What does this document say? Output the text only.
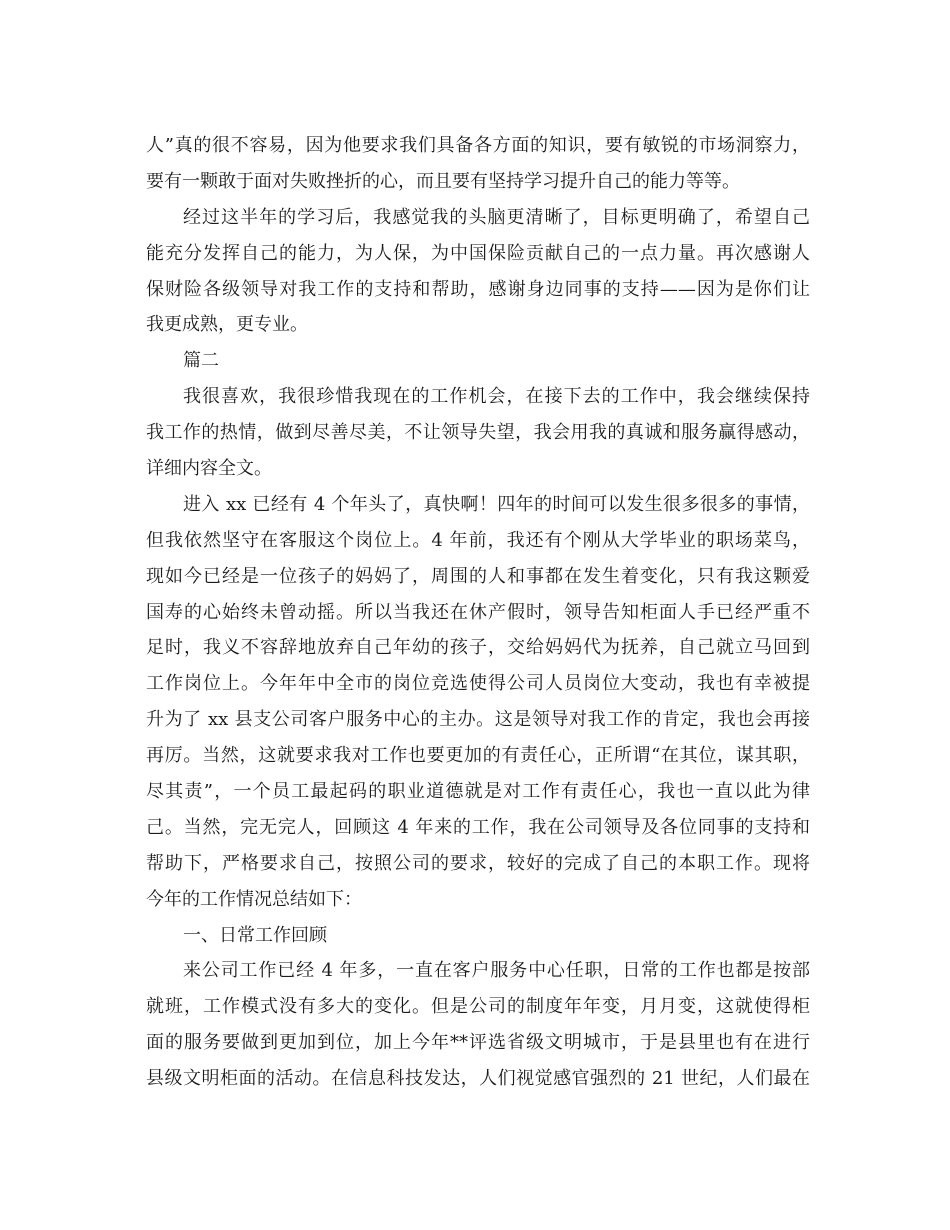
人”真的很不容易，因为他要求我们具备各方面的知识，要有敏锐的市场洞察力，
要有一颗敢于面对失败挫折的心，而且要有坚持学习提升自己的能力等等。
经过这半年的学习后，我感觉我的头脑更清晰了，目标更明确了，希望自己
能充分发挥自己的能力，为人保，为中国保险贡献自己的一点力量。再次感谢人
保财险各级领导对我工作的支持和帮助，感谢身边同事的支持——因为是你们让
我更成熟，更专业。
篇二
我很喜欢，我很珍惜我现在的工作机会，在接下去的工作中，我会继续保持
我工作的热情，做到尽善尽美，不让领导失望，我会用我的真诚和服务赢得感动，
详细内容全文。
进入 xx 已经有 4 个年头了，真快啊！四年的时间可以发生很多很多的事情，
但我依然坚守在客服这个岗位上。4 年前，我还有个刚从大学毕业的职场菜鸟，
现如今已经是一位孩子的妈妈了，周围的人和事都在发生着变化，只有我这颗爱
国寿的心始终未曾动摇。所以当我还在休产假时，领导告知柜面人手已经严重不
足时，我义不容辞地放弃自己年幼的孩子，交给妈妈代为抚养，自己就立马回到
工作岗位上。今年年中全市的岗位竞选使得公司人员岗位大变动，我也有幸被提
升为了 xx 县支公司客户服务中心的主办。这是领导对我工作的肯定，我也会再接
再厉。当然，这就要求我对工作也要更加的有责任心，正所谓“在其位，谋其职，
尽其责”，一个员工最起码的职业道德就是对工作有责任心，我也一直以此为律
己。当然，完无完人，回顾这 4 年来的工作，我在公司领导及各位同事的支持和
帮助下，严格要求自己，按照公司的要求，较好的完成了自己的本职工作。现将
今年的工作情况总结如下：
一、日常工作回顾
来公司工作已经 4 年多，一直在客户服务中心任职，日常的工作也都是按部
就班，工作模式没有多大的变化。但是公司的制度年年变，月月变，这就使得柜
面的服务要做到更加到位，加上今年**评选省级文明城市，于是县里也有在进行
县级文明柜面的活动。在信息科技发达，人们视觉感官强烈的 21 世纪，人们最在
